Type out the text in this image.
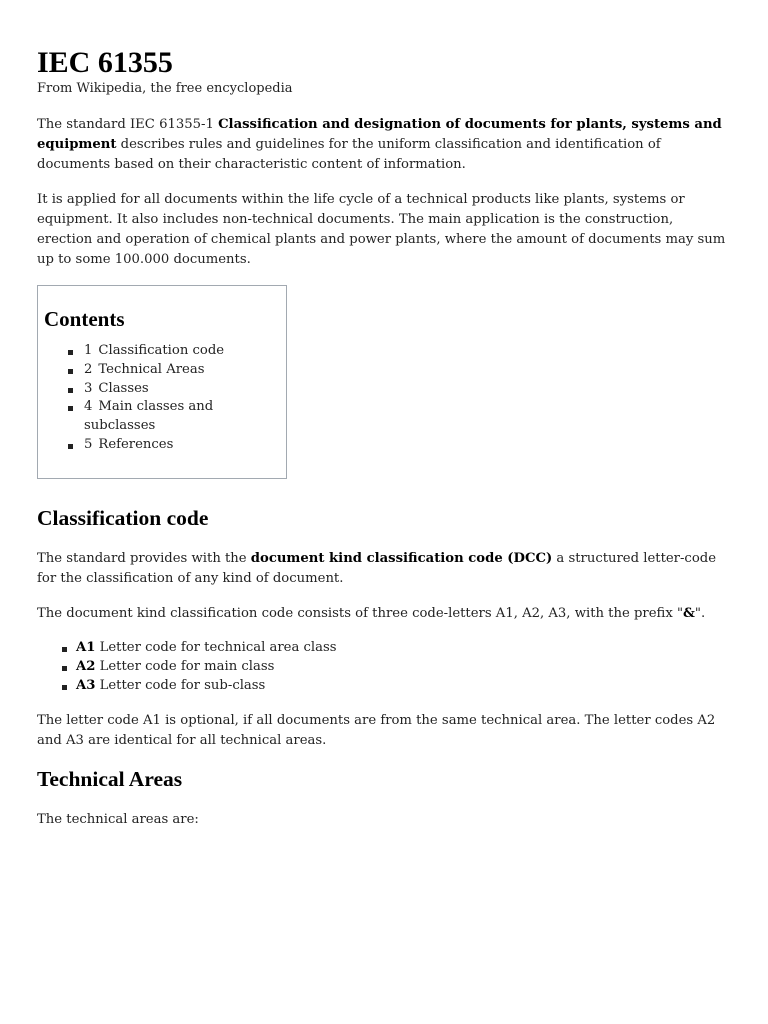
IEC 61355
From Wikipedia, the free encyclopedia

The standard IEC 61355-1 Classification and designation of documents for plants, systems and equipment describes rules and guidelines for the uniform classification and identification of documents based on their characteristic content of information.

It is applied for all documents within the life cycle of a technical products like plants, systems or equipment. It also includes non-technical documents. The main application is the construction, erection and operation of chemical plants and power plants, where the amount of documents may sum up to some 100.000 documents.

Contents
1 Classification code
2 Technical Areas
3 Classes
4 Main classes and subclasses
5 References
Classification code

The standard provides with the document kind classification code (DCC) a structured letter-code for the classification of any kind of document.

The document kind classification code consists of three code-letters A1, A2, A3, with the prefix "&".

A1 Letter code for technical area class
A2 Letter code for main class
A3 Letter code for sub-class

The letter code A1 is optional, if all documents are from the same technical area. The letter codes A2 and A3 are identical for all technical areas.

Technical Areas

The technical areas are:
